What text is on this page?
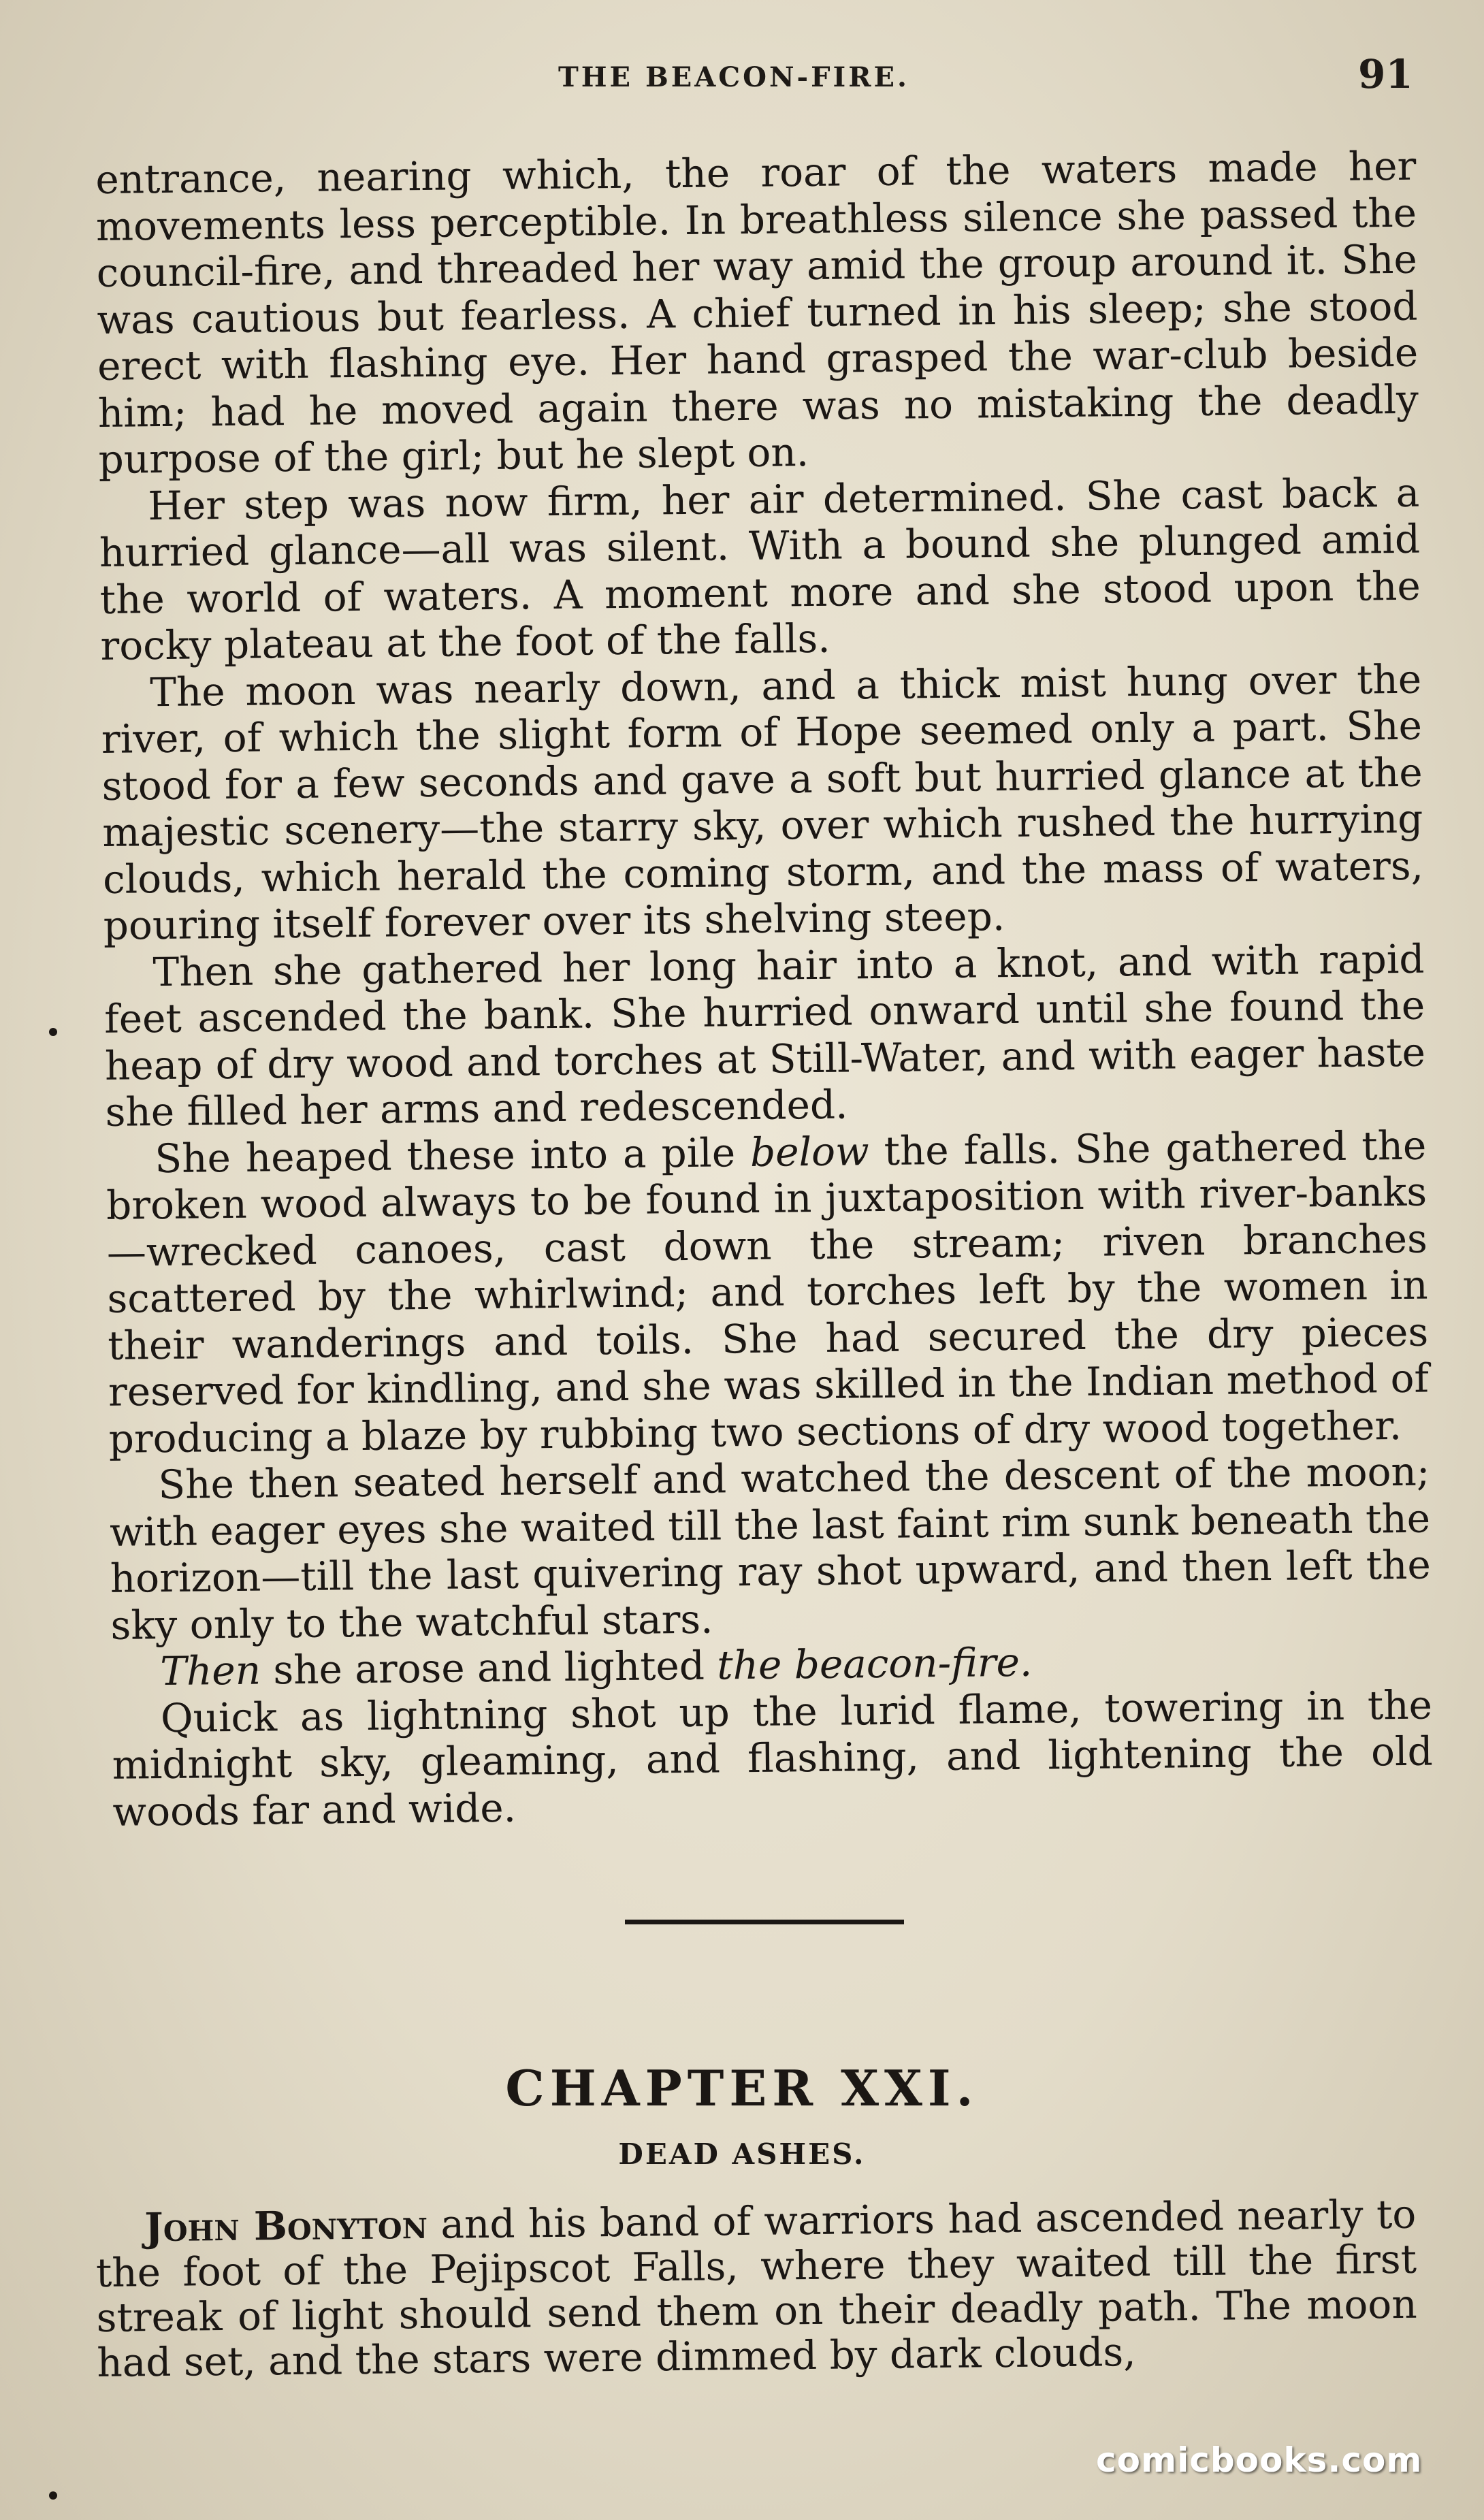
THE BEACON-FIRE.	91

entrance, nearing which, the roar of the waters made her movements less perceptible. In breathless silence she passed the council-fire, and threaded her way amid the group around it. She was cautious but fearless. A chief turned in his sleep; she stood erect with flashing eye. Her hand grasped the war-club beside him; had he moved again there was no mistaking the deadly purpose of the girl; but he slept on.

Her step was now firm, her air determined. She cast back a hurried glance—all was silent. With a bound she plunged amid the world of waters. A moment more and she stood upon the rocky plateau at the foot of the falls.

The moon was nearly down, and a thick mist hung over the river, of which the slight form of Hope seemed only a part. She stood for a few seconds and gave a soft but hurried glance at the majestic scenery—the starry sky, over which rushed the hurrying clouds, which herald the coming storm, and the mass of waters, pouring itself forever over its shelving steep.

Then she gathered her long hair into a knot, and with rapid feet ascended the bank. She hurried onward until she found the heap of dry wood and torches at Still-Water, and with eager haste she filled her arms and redescended.

She heaped these into a pile below the falls. She gathered the broken wood always to be found in juxtaposition with river-banks—wrecked canoes, cast down the stream; riven branches scattered by the whirlwind; and torches left by the women in their wanderings and toils. She had secured the dry pieces reserved for kindling, and she was skilled in the Indian method of producing a blaze by rubbing two sections of dry wood together.

She then seated herself and watched the descent of the moon; with eager eyes she waited till the last faint rim sunk beneath the horizon—till the last quivering ray shot upward, and then left the sky only to the watchful stars.

Then she arose and lighted the beacon-fire.

Quick as lightning shot up the lurid flame, towering in the midnight sky, gleaming, and flashing, and lightening the old woods far and wide.

CHAPTER XXI.
DEAD ASHES.

John Bonyton and his band of warriors had ascended nearly to the foot of the Pejipscot Falls, where they waited till the first streak of light should send them on their deadly path. The moon had set, and the stars were dimmed by dark clouds,

comicbooks.com
